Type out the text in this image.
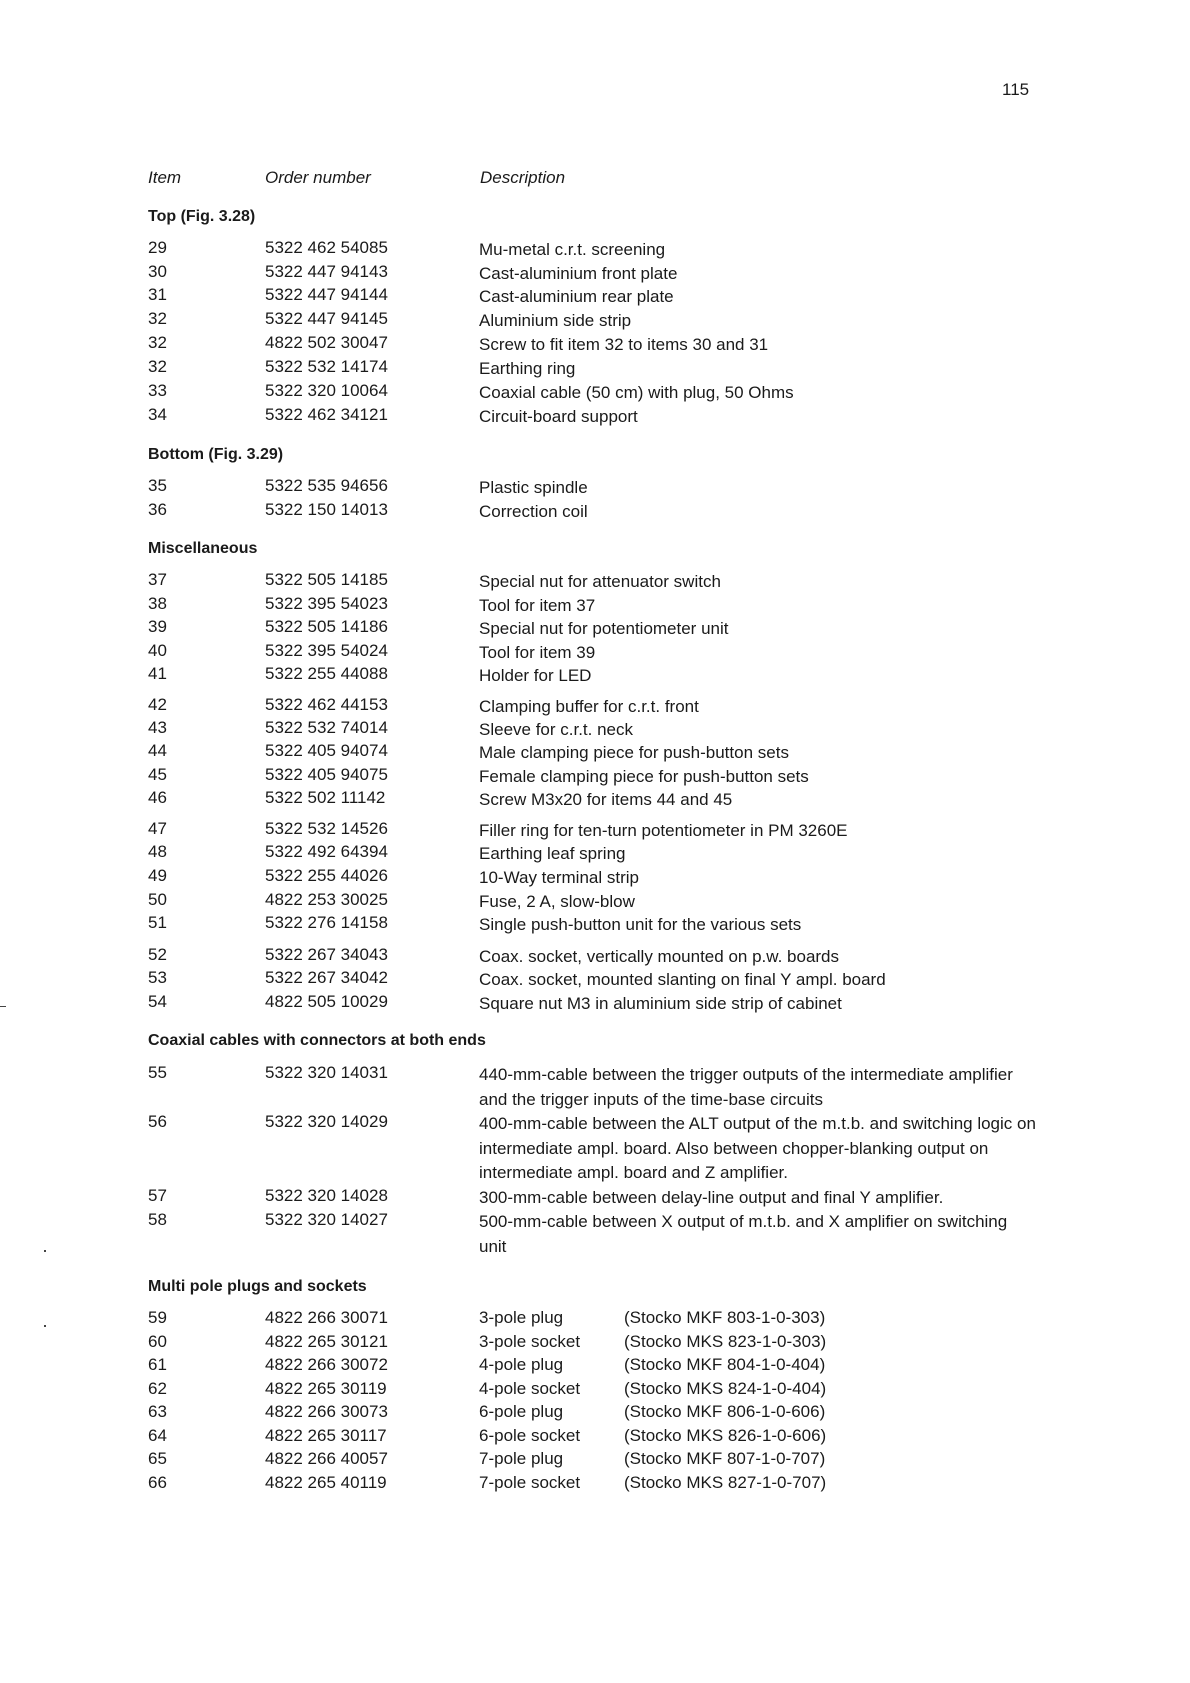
115
Item	Order number	Description
Top (Fig. 3.28)
29	5322 462 54085	Mu-metal c.r.t. screening
30	5322 447 94143	Cast-aluminium front plate
31	5322 447 94144	Cast-aluminium rear plate
32	5322 447 94145	Aluminium side strip
32	4822 502 30047	Screw to fit item 32 to items 30 and 31
32	5322 532 14174	Earthing ring
33	5322 320 10064	Coaxial cable (50 cm) with plug, 50 Ohms
34	5322 462 34121	Circuit-board support
Bottom (Fig. 3.29)
35	5322 535 94656	Plastic spindle
36	5322 150 14013	Correction coil
Miscellaneous
37	5322 505 14185	Special nut for attenuator switch
38	5322 395 54023	Tool for item 37
39	5322 505 14186	Special nut for potentiometer unit
40	5322 395 54024	Tool for item 39
41	5322 255 44088	Holder for LED
42	5322 462 44153	Clamping buffer for c.r.t. front
43	5322 532 74014	Sleeve for c.r.t. neck
44	5322 405 94074	Male clamping piece for push-button sets
45	5322 405 94075	Female clamping piece for push-button sets
46	5322 502 11142	Screw M3x20 for items 44 and 45
47	5322 532 14526	Filler ring for ten-turn potentiometer in PM 3260E
48	5322 492 64394	Earthing leaf spring
49	5322 255 44026	10-Way terminal strip
50	4822 253 30025	Fuse, 2 A, slow-blow
51	5322 276 14158	Single push-button unit for the various sets
52	5322 267 34043	Coax. socket, vertically mounted on p.w. boards
53	5322 267 34042	Coax. socket, mounted slanting on final Y ampl. board
54	4822 505 10029	Square nut M3 in aluminium side strip of cabinet
Coaxial cables with connectors at both ends
55	5322 320 14031	440-mm-cable between the trigger outputs of the intermediate amplifier and the trigger inputs of the time-base circuits
56	5322 320 14029	400-mm-cable between the ALT output of the m.t.b. and switching logic on intermediate ampl. board. Also between chopper-blanking output on intermediate ampl. board and Z amplifier.
57	5322 320 14028	300-mm-cable between delay-line output and final Y amplifier.
58	5322 320 14027	500-mm-cable between X output of m.t.b. and X amplifier on switching unit
Multi pole plugs and sockets
59	4822 266 30071	3-pole plug	(Stocko MKF 803-1-0-303)
60	4822 265 30121	3-pole socket	(Stocko MKS 823-1-0-303)
61	4822 266 30072	4-pole plug	(Stocko MKF 804-1-0-404)
62	4822 265 30119	4-pole socket	(Stocko MKS 824-1-0-404)
63	4822 266 30073	6-pole plug	(Stocko MKF 806-1-0-606)
64	4822 265 30117	6-pole socket	(Stocko MKS 826-1-0-606)
65	4822 266 40057	7-pole plug	(Stocko MKF 807-1-0-707)
66	4822 265 40119	7-pole socket	(Stocko MKS 827-1-0-707)
